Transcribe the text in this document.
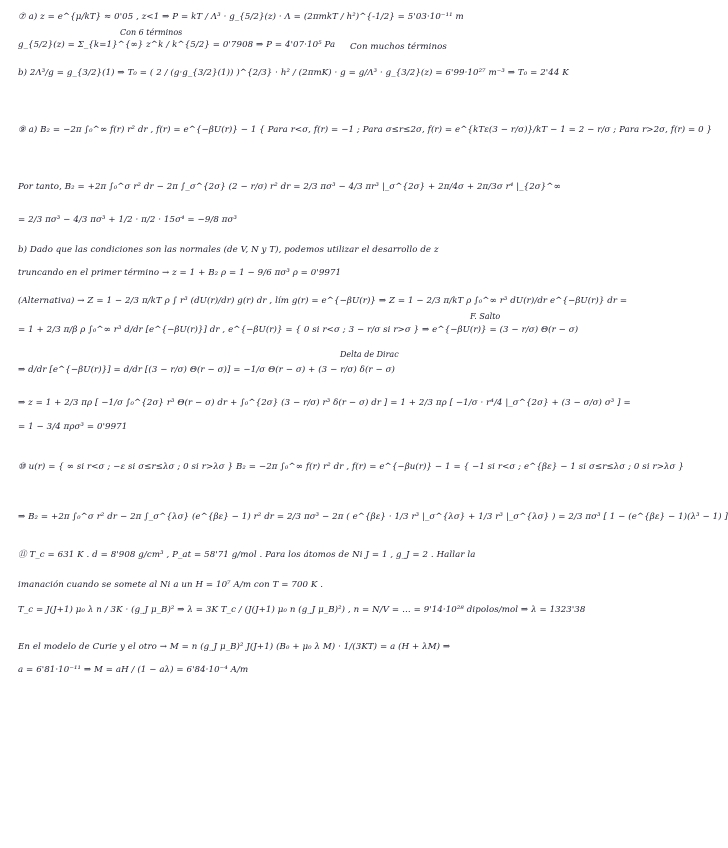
⑦ a) z = e^{μ/kT} ≈ 0'05 , z<1 ⇒ P = kT / Λ³ · g_{5/2}(z) · Λ = (2πmkT / h²)^{-1/2} = 5'03·10⁻¹¹ m
Con 6 términos
g_{5/2}(z) = Σ_{k=1}^{∞} z^k / k^{5/2} = 0'7908 ⇒ P = 4'07·10⁵ Pa	Con muchos términos
b) 2Λ³/g = g_{3/2}(1) ⇒ T₀ = ( 2 / (g·g_{3/2}(1)) )^{2/3} · h² / (2πmK) · g = g/Λ³ · g_{3/2}(z) = 6'99·10²⁷ m⁻³ ⇒ T₀ = 2'44 K
⑨ a) B₂ = −2π ∫₀^∞ f(r) r² dr , f(r) = e^{−βU(r)} − 1 { Para r<σ, f(r) = −1 ; Para σ≤r≤2σ, f(r) = e^{kTε(3 − r/σ)}/kT − 1 = 2 − r/σ ; Para r>2σ, f(r) = 0 }
Por tanto, B₂ = +2π ∫₀^σ r² dr − 2π ∫_σ^{2σ} (2 − r/σ) r² dr = 2/3 πσ³ − 4/3 πr³ |_σ^{2σ} + 2π/4σ + 2π/3σ r⁴ |_{2σ}^∞
= 2/3 πσ³ − 4/3 πσ³ + 1/2 · π/2 · 15σ⁴ = −9/8 πσ³
b) Dado que las condiciones son las normales (de V, N y T), podemos utilizar el desarrollo de z
truncando en el primer término → z = 1 + B₂ ρ = 1 − 9/6 πσ³ ρ = 0'9971
(Alternativa) → Z = 1 − 2/3 π/kT ρ ∫ r³ (dU(r)/dr) g(r) dr , lím g(r) = e^{−βU(r)} ⇒ Z = 1 − 2/3 π/kT ρ ∫₀^∞ r³ dU(r)/dr e^{−βU(r)} dr =
F. Salto
= 1 + 2/3 π/β ρ ∫₀^∞ r³ d/dr [e^{−βU(r)}] dr , e^{−βU(r)} = { 0 si r<σ ; 3 − r/σ si r>σ } ⇒ e^{−βU(r)} = (3 − r/σ) Θ(r − σ)
Delta de Dirac
⇒ d/dr [e^{−βU(r)}] = d/dr [(3 − r/σ) Θ(r − σ)] = −1/σ Θ(r − σ) + (3 − r/σ) δ(r − σ)
⇒ z = 1 + 2/3 πρ [ −1/σ ∫₀^{2σ} r³ Θ(r − σ) dr + ∫₀^{2σ} (3 − r/σ) r³ δ(r − σ) dr ] = 1 + 2/3 πρ [ −1/σ · r⁴/4 |_σ^{2σ} + (3 − σ/σ) σ³ ] =
= 1 − 3/4 πρσ³ = 0'9971
⑩ u(r) = { ∞ si r<σ ; −ε si σ≤r≤λσ ; 0 si r>λσ } B₂ = −2π ∫₀^∞ f(r) r² dr , f(r) = e^{−βu(r)} − 1 = { −1 si r<σ ; e^{βε} − 1 si σ≤r≤λσ ; 0 si r>λσ }
⇒ B₂ = +2π ∫₀^σ r² dr − 2π ∫_σ^{λσ} (e^{βε} − 1) r² dr = 2/3 πσ³ − 2π ( e^{βε} · 1/3 r³ |_σ^{λσ} + 1/3 r³ |_σ^{λσ} ) = 2/3 πσ³ [ 1 − (e^{βε} − 1)(λ³ − 1) ]
⑪ T_c = 631 K . d = 8'908 g/cm³ , P_at = 58'71 g/mol . Para los átomos de Ni J = 1 , g_J = 2 . Hallar la
imanación cuando se somete al Ni a un H = 10⁷ A/m con T = 700 K .
T_c = J(J+1) μ₀ λ n / 3K · (g_J μ_B)² ⇒ λ = 3K T_c / (J(J+1) μ₀ n (g_J μ_B)²) , n = N/V = … = 9'14·10²⁸ dipolos/mol ⇒ λ = 1323'38
En el modelo de Curie y el otro → M = n (g_J μ_B)² J(J+1) (B₀ + μ₀ λ M) · 1/(3KT) = a (H + λM) ⇒
a = 6'81·10⁻¹¹ ⇒ M = aH / (1 − aλ) = 6'84·10⁻⁴ A/m
